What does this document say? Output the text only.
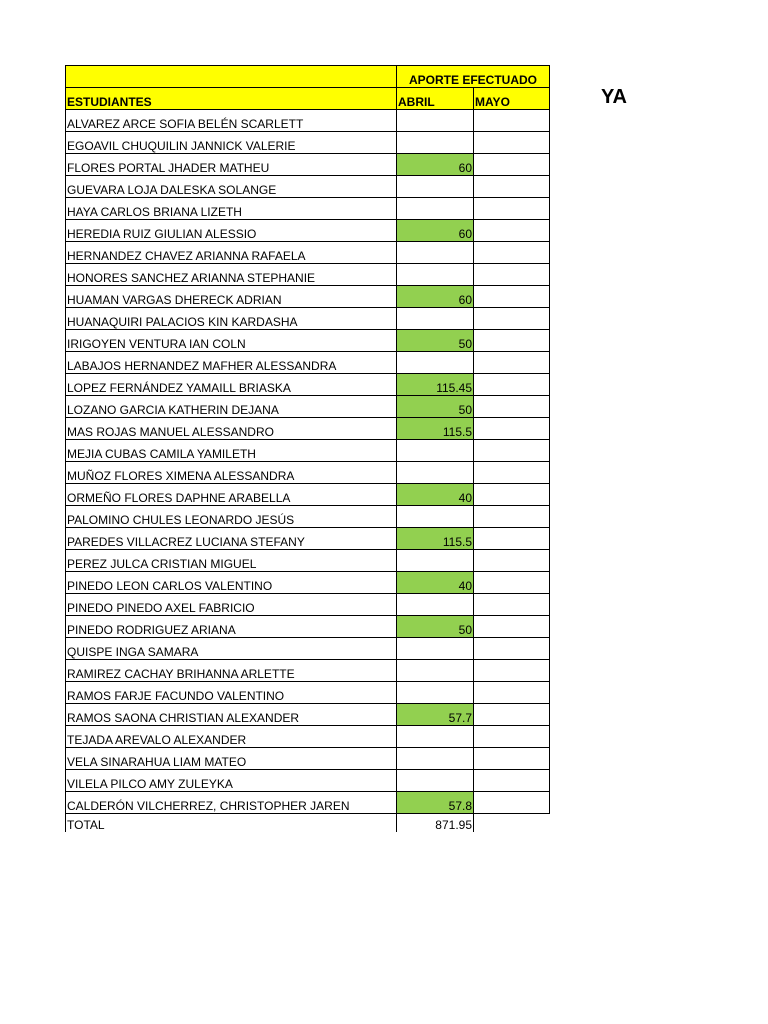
	APORTE EFECTUADO	
ESTUDIANTES	ABRIL	MAYO
ALVAREZ ARCE SOFIA BELÉN SCARLETT		
EGOAVIL CHUQUILIN JANNICK VALERIE		
FLORES PORTAL JHADER MATHEU	60	
GUEVARA LOJA DALESKA SOLANGE		
HAYA CARLOS BRIANA LIZETH		
HEREDIA RUIZ GIULIAN ALESSIO	60	
HERNANDEZ CHAVEZ ARIANNA RAFAELA		
HONORES SANCHEZ ARIANNA STEPHANIE		
HUAMAN VARGAS DHERECK ADRIAN	60	
HUANAQUIRI PALACIOS KIN KARDASHA		
IRIGOYEN VENTURA IAN COLN	50	
LABAJOS HERNANDEZ MAFHER ALESSANDRA		
LOPEZ FERNÁNDEZ YAMAILL BRIASKA	115.45	
LOZANO GARCIA KATHERIN DEJANA	50	
MAS ROJAS MANUEL ALESSANDRO	115.5	
MEJIA CUBAS CAMILA YAMILETH		
MUÑOZ FLORES XIMENA ALESSANDRA		
ORMEÑO FLORES DAPHNE ARABELLA	40	
PALOMINO CHULES LEONARDO JESÚS		
PAREDES VILLACREZ LUCIANA STEFANY	115.5	
PEREZ JULCA CRISTIAN MIGUEL		
PINEDO LEON CARLOS VALENTINO	40	
PINEDO PINEDO AXEL FABRICIO		
PINEDO RODRIGUEZ ARIANA	50	
QUISPE INGA SAMARA		
RAMIREZ CACHAY BRIHANNA ARLETTE		
RAMOS FARJE FACUNDO VALENTINO		
RAMOS SAONA CHRISTIAN ALEXANDER	57.7	
TEJADA AREVALO ALEXANDER		
VELA SINARAHUA LIAM MATEO		
VILELA PILCO AMY ZULEYKA		
CALDERÓN VILCHERREZ, CHRISTOPHER JAREN	57.8	
TOTAL	871.95	
YA
